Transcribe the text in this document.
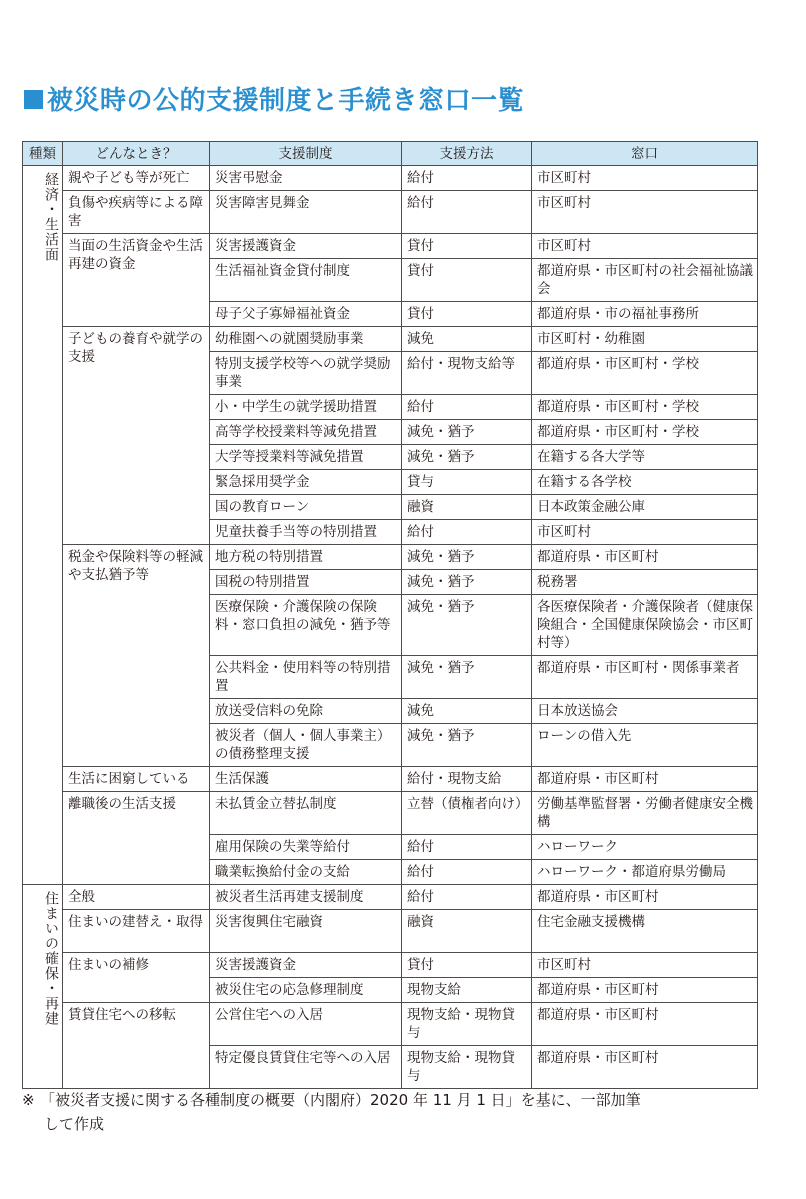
被災時の公的支援制度と手続き窓口一覧
種類	どんなとき？	支援制度	支援方法	窓口
経済・生活面	親や子ども等が死亡	災害弔慰金	給付	市区町村
	負傷や疾病等による障害	災害障害見舞金	給付	市区町村
	当面の生活資金や生活再建の資金	災害援護資金	貸付	市区町村
		生活福祉資金貸付制度	貸付	都道府県・市区町村の社会福祉協議会
		母子父子寡婦福祉資金	貸付	都道府県・市の福祉事務所
	子どもの養育や就学の支援	幼稚園への就園奨励事業	減免	市区町村・幼稚園
		特別支援学校等への就学奨励事業	給付・現物支給等	都道府県・市区町村・学校
		小・中学生の就学援助措置	給付	都道府県・市区町村・学校
		高等学校授業料等減免措置	減免・猶予	都道府県・市区町村・学校
		大学等授業料等減免措置	減免・猶予	在籍する各大学等
		緊急採用奨学金	貸与	在籍する各学校
		国の教育ローン	融資	日本政策金融公庫
		児童扶養手当等の特別措置	給付	市区町村
	税金や保険料等の軽減や支払猶予等	地方税の特別措置	減免・猶予	都道府県・市区町村
		国税の特別措置	減免・猶予	税務署
		医療保険・介護保険の保険料・窓口負担の減免・猶予等	減免・猶予	各医療保険者・介護保険者（健康保険組合・全国健康保険協会・市区町村等）
		公共料金・使用料等の特別措置	減免・猶予	都道府県・市区町村・関係事業者
		放送受信料の免除	減免	日本放送協会
		被災者（個人・個人事業主）の債務整理支援	減免・猶予	ローンの借入先
	生活に困窮している	生活保護	給付・現物支給	都道府県・市区町村
	離職後の生活支援	未払賃金立替払制度	立替（債権者向け）	労働基準監督署・労働者健康安全機構
		雇用保険の失業等給付	給付	ハローワーク
		職業転換給付金の支給	給付	ハローワーク・都道府県労働局
住まいの確保・再建	全般	被災者生活再建支援制度	給付	都道府県・市区町村
	住まいの建替え・取得	災害復興住宅融資	融資	住宅金融支援機構
	住まいの補修	災害援護資金	貸付	市区町村
		被災住宅の応急修理制度	現物支給	都道府県・市区町村
	賃貸住宅への移転	公営住宅への入居	現物支給・現物貸与	都道府県・市区町村
		特定優良賃貸住宅等への入居	現物支給・現物貸与	都道府県・市区町村

※ 「被災者支援に関する各種制度の概要（内閣府）2020 年 11 月 1 日」を基に、一部加筆
して作成
